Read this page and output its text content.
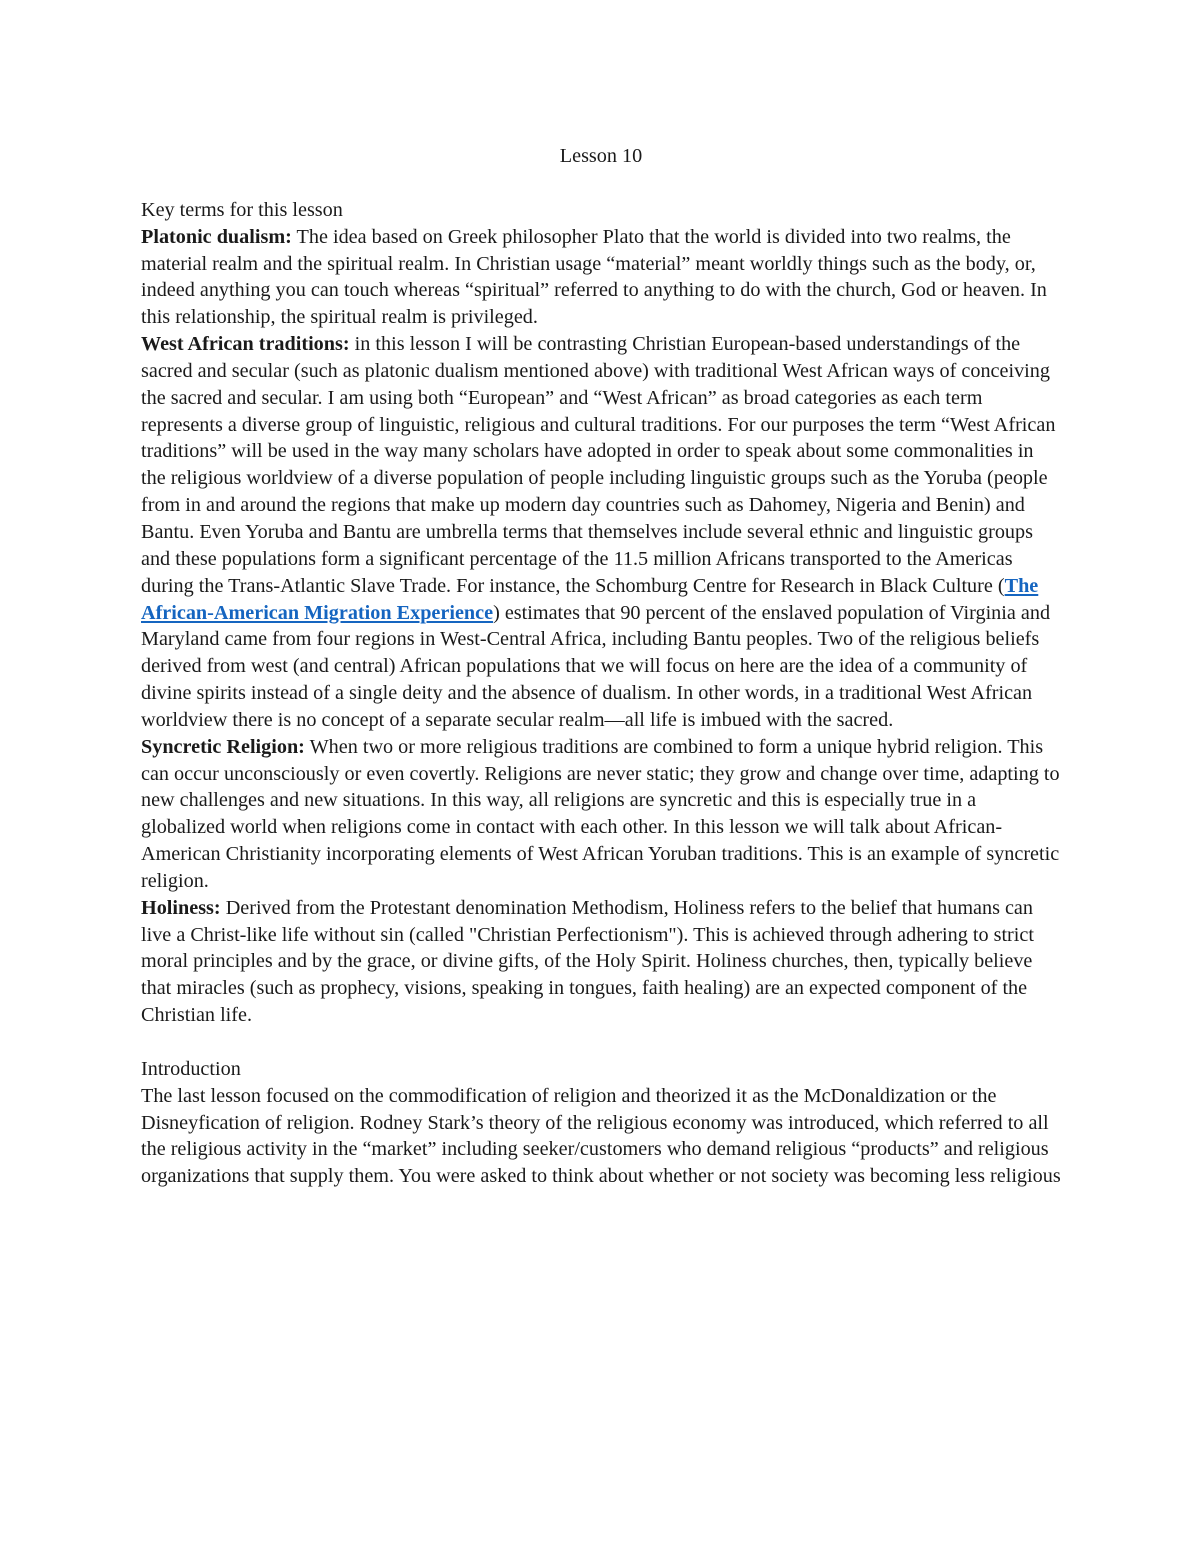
Lesson 10

Key terms for this lesson

Platonic dualism: The idea based on Greek philosopher Plato that the world is divided into two realms, the material realm and the spiritual realm. In Christian usage “material” meant worldly things such as the body, or, indeed anything you can touch whereas “spiritual” referred to anything to do with the church, God or heaven. In this relationship, the spiritual realm is privileged.

West African traditions: in this lesson I will be contrasting Christian European-based understandings of the sacred and secular (such as platonic dualism mentioned above) with traditional West African ways of conceiving the sacred and secular. I am using both “European” and “West African” as broad categories as each term represents a diverse group of linguistic, religious and cultural traditions. For our purposes the term “West African traditions” will be used in the way many scholars have adopted in order to speak about some commonalities in the religious worldview of a diverse population of people including linguistic groups such as the Yoruba (people from in and around the regions that make up modern day countries such as Dahomey, Nigeria and Benin) and Bantu. Even Yoruba and Bantu are umbrella terms that themselves include several ethnic and linguistic groups and these populations form a significant percentage of the 11.5 million Africans transported to the Americas during the Trans-Atlantic Slave Trade. For instance, the Schomburg Centre for Research in Black Culture (The African-American Migration Experience) estimates that 90 percent of the enslaved population of Virginia and Maryland came from four regions in West-Central Africa, including Bantu peoples. Two of the religious beliefs derived from west (and central) African populations that we will focus on here are the idea of a community of divine spirits instead of a single deity and the absence of dualism. In other words, in a traditional West African worldview there is no concept of a separate secular realm—all life is imbued with the sacred.

Syncretic Religion: When two or more religious traditions are combined to form a unique hybrid religion. This can occur unconsciously or even covertly. Religions are never static; they grow and change over time, adapting to new challenges and new situations. In this way, all religions are syncretic and this is especially true in a globalized world when religions come in contact with each other. In this lesson we will talk about African-American Christianity incorporating elements of West African Yoruban traditions. This is an example of syncretic religion.

Holiness: Derived from the Protestant denomination Methodism, Holiness refers to the belief that humans can live a Christ-like life without sin (called "Christian Perfectionism"). This is achieved through adhering to strict moral principles and by the grace, or divine gifts, of the Holy Spirit. Holiness churches, then, typically believe that miracles (such as prophecy, visions, speaking in tongues, faith healing) are an expected component of the Christian life.

Introduction

The last lesson focused on the commodification of religion and theorized it as the McDonaldization or the Disneyfication of religion. Rodney Stark’s theory of the religious economy was introduced, which referred to all the religious activity in the “market” including seeker/customers who demand religious “products” and religious organizations that supply them. You were asked to think about whether or not society was becoming less religious
